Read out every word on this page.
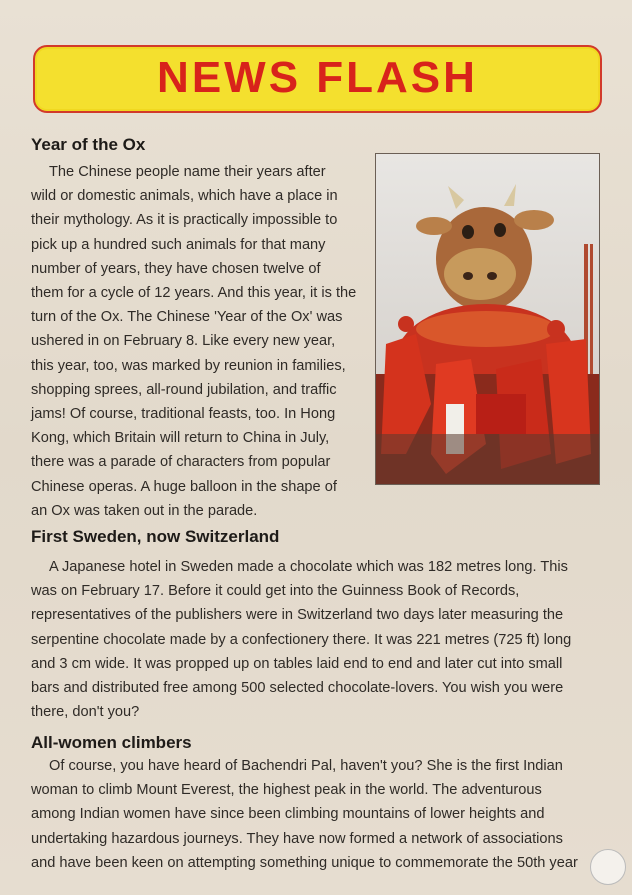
NEWS FLASH
Year of the Ox
The Chinese people name their years after
wild or domestic animals, which have a place in
their mythology. As it is practically impossible to
pick up a hundred such animals for that many
number of years, they have chosen twelve of
them for a cycle of 12 years. And this year, it is the
turn of the Ox. The Chinese 'Year of the Ox' was
ushered in on February 8. Like every new year,
this year, too, was marked by reunion in families,
shopping sprees, all-round jubilation, and traffic
jams! Of course, traditional feasts, too. In Hong
Kong, which Britain will return to China in July,
there was a parade of characters from popular
Chinese operas. A huge balloon in the shape of
an Ox was taken out in the parade.
First Sweden, now Switzerland
A Japanese hotel in Sweden made a chocolate which was 182 metres long. This
was on February 17. Before it could get into the Guinness Book of Records,
representatives of the publishers were in Switzerland two days later measuring the
serpentine chocolate made by a confectionery there. It was 221 metres (725 ft) long
and 3 cm wide. It was propped up on tables laid end to end and later cut into small
bars and distributed free among 500 selected chocolate-lovers. You wish you were
there, don't you?
All-women climbers
Of course, you have heard of Bachendri Pal, haven't you? She is the first Indian
woman to climb Mount Everest, the highest peak in the world. The adventurous
among Indian women have since been climbing mountains of lower heights and
undertaking hazardous journeys. They have now formed a network of associations
and have been keen on attempting something unique to commemorate the 50th year
